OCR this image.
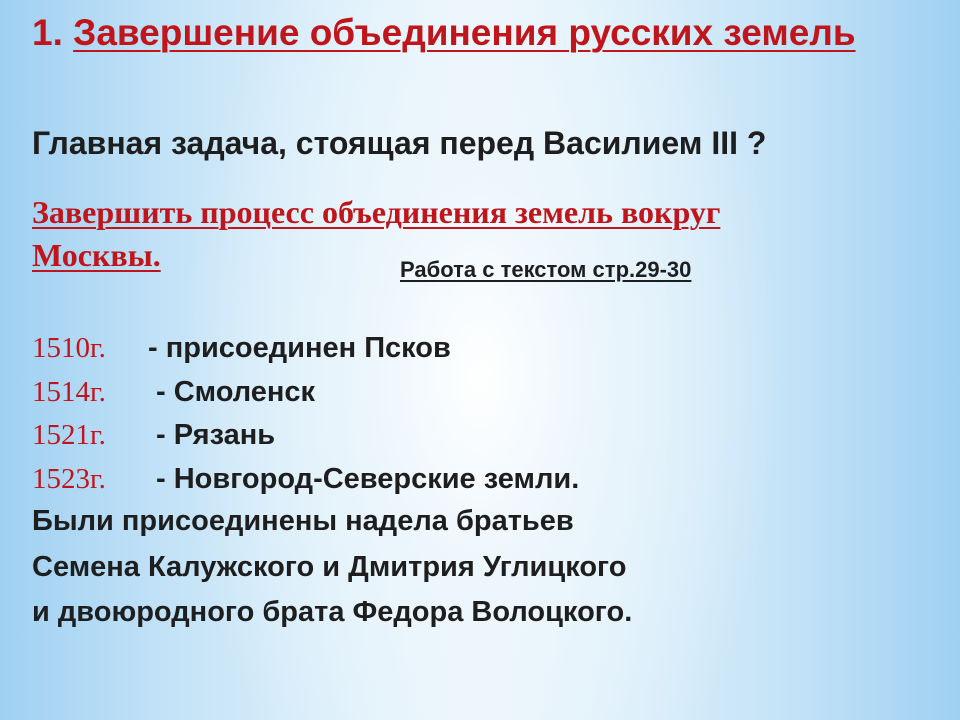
1. Завершение объединения русских земель

Главная задача, стоящая перед Василием III ?

Завершить процесс объединения земель вокруг
Москвы.	Работа с текстом стр.29-30

1510г. - присоединен Псков
1514г. - Смоленск
1521г. - Рязань
1523г. - Новгород-Северские земли.

Были присоединены надела братьев
Семена Калужского и Дмитрия Углицкого
и двоюродного брата Федора Волоцкого.
